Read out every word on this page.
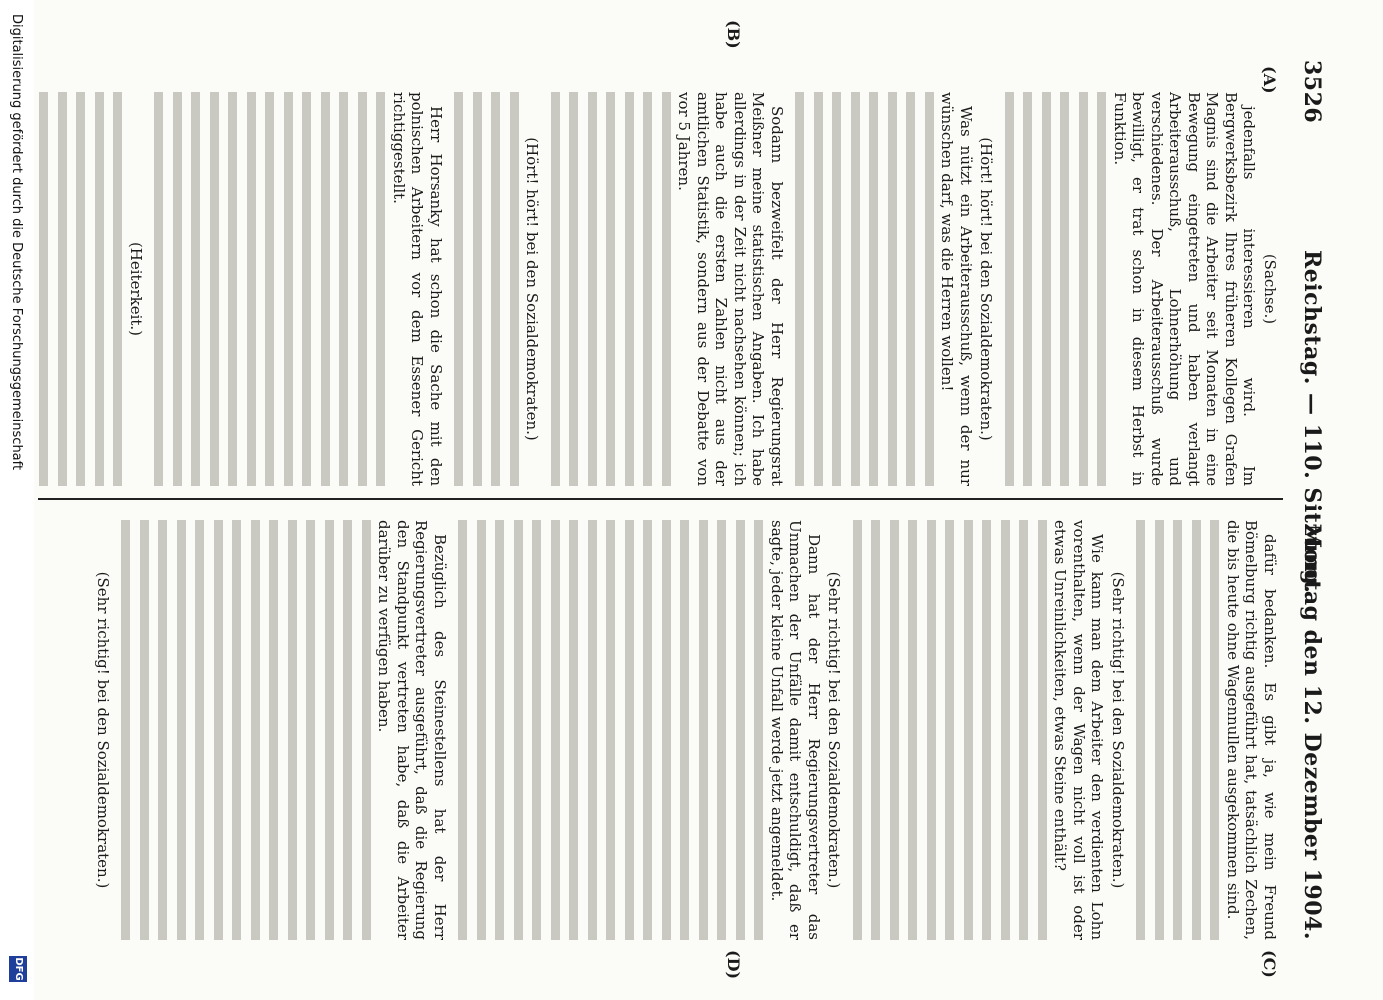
3526
Reichstag. — 110. Sitzung.
Montag den 12. Dezember 1904.
(A)
(B)
(C)
(D)

(Sachse.)

jedenfalls interessieren wird. Im Bergwerksbezirk Ihres früheren Kollegen Grafen Magnis sind die Arbeiter seit Monaten in eine Bewegung eingetreten und haben verlangt Arbeiterausschuß, Lohnerhöhung und verschiedenes. Der Arbeiterausschuß wurde bewilligt, er trat schon in diesem Herbst in Funktion.

(Hört! hört! bei den Sozialdemokraten.)

Was nützt ein Arbeiterausschuß, wenn der nur wünschen darf, was die Herren wollen!

Sodann bezweifelt der Herr Regierungsrat Meißner meine statistischen Angaben. Ich habe allerdings in der Zeit nicht nachsehen können; ich habe auch die ersten Zahlen nicht aus der amtlichen Statistik, sondern aus der Debatte von vor 5 Jahren.

(Hört! hört! bei den Sozialdemokraten.)

Herr Horsanky hat schon die Sache mit den polnischen Arbeitern vor dem Essener Gericht richtiggestellt.

(Heiterkeit.)

dafür bedanken. Es gibt ja, wie mein Freund Bömelburg richtig ausgeführt hat, tatsächlich Zechen, die bis heute ohne Wagennullen ausgekommen sind.

(Sehr richtig! bei den Sozialdemokraten.)

Wie kann man dem Arbeiter den verdienten Lohn vorenthalten, wenn der Wagen nicht voll ist oder etwas Unreinlichkeiten, etwas Steine enthält?

(Sehr richtig! bei den Sozialdemokraten.)

Dann hat der Herr Regierungsvertreter das Unmachen der Unfälle damit entschuldigt, daß er sagte, jeder kleine Unfall werde jetzt angemeldet.

Bezüglich des Steinestellens hat der Herr Regierungsvertreter ausgeführt, daß die Regierung den Standpunkt vertreten habe, daß die Arbeiter darüber zu verfügen haben.

(Sehr richtig! bei den Sozialdemokraten.)

Digitalisierung gefördert durch die Deutsche Forschungsgemeinschaft
DFG
